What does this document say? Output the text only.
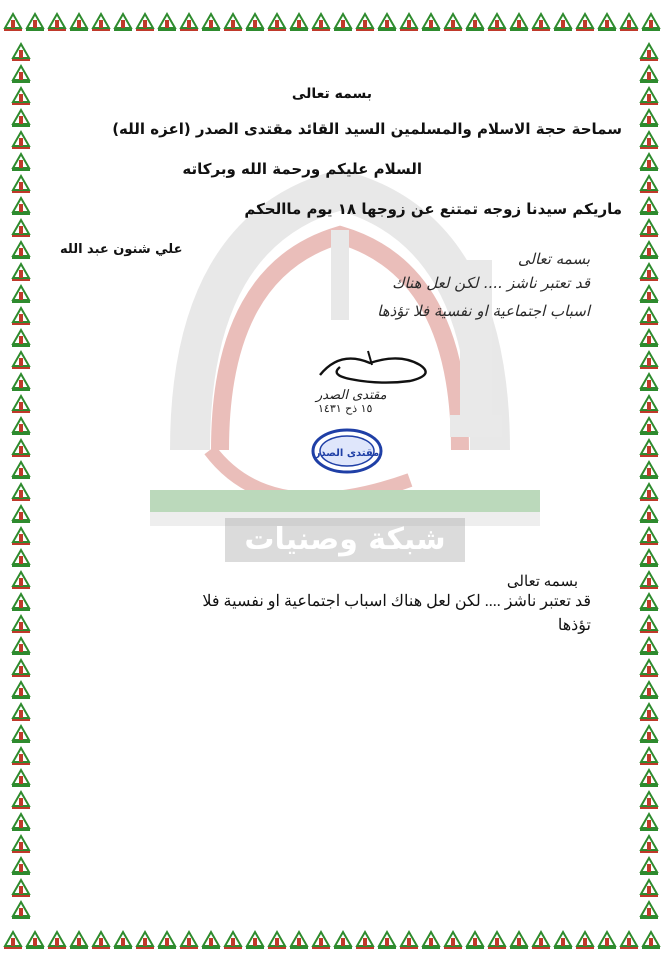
شبكة وصنيات
بسمه تعالى
سماحة حجة الاسلام والمسلمين السيد القائد مقتدى الصدر (اعزه الله)
السلام عليكم ورحمة الله وبركاته
ماريكم سيدنا زوجه تمتنع عن زوجها ١٨ يوم ماالحكم
علي شنون عبد الله
بسمه تعالى
قد تعتبر ناشز .... لكن لعل هناك
اسباب اجتماعية او نفسية فلا تؤذها
مقتدى الصدر
١٥ ذح ١٤٣١
مقتدى الصدر
بسمه تعالى
قد تعتبر ناشز .... لكن لعل هناك اسباب اجتماعية او نفسية فلا تؤذها
